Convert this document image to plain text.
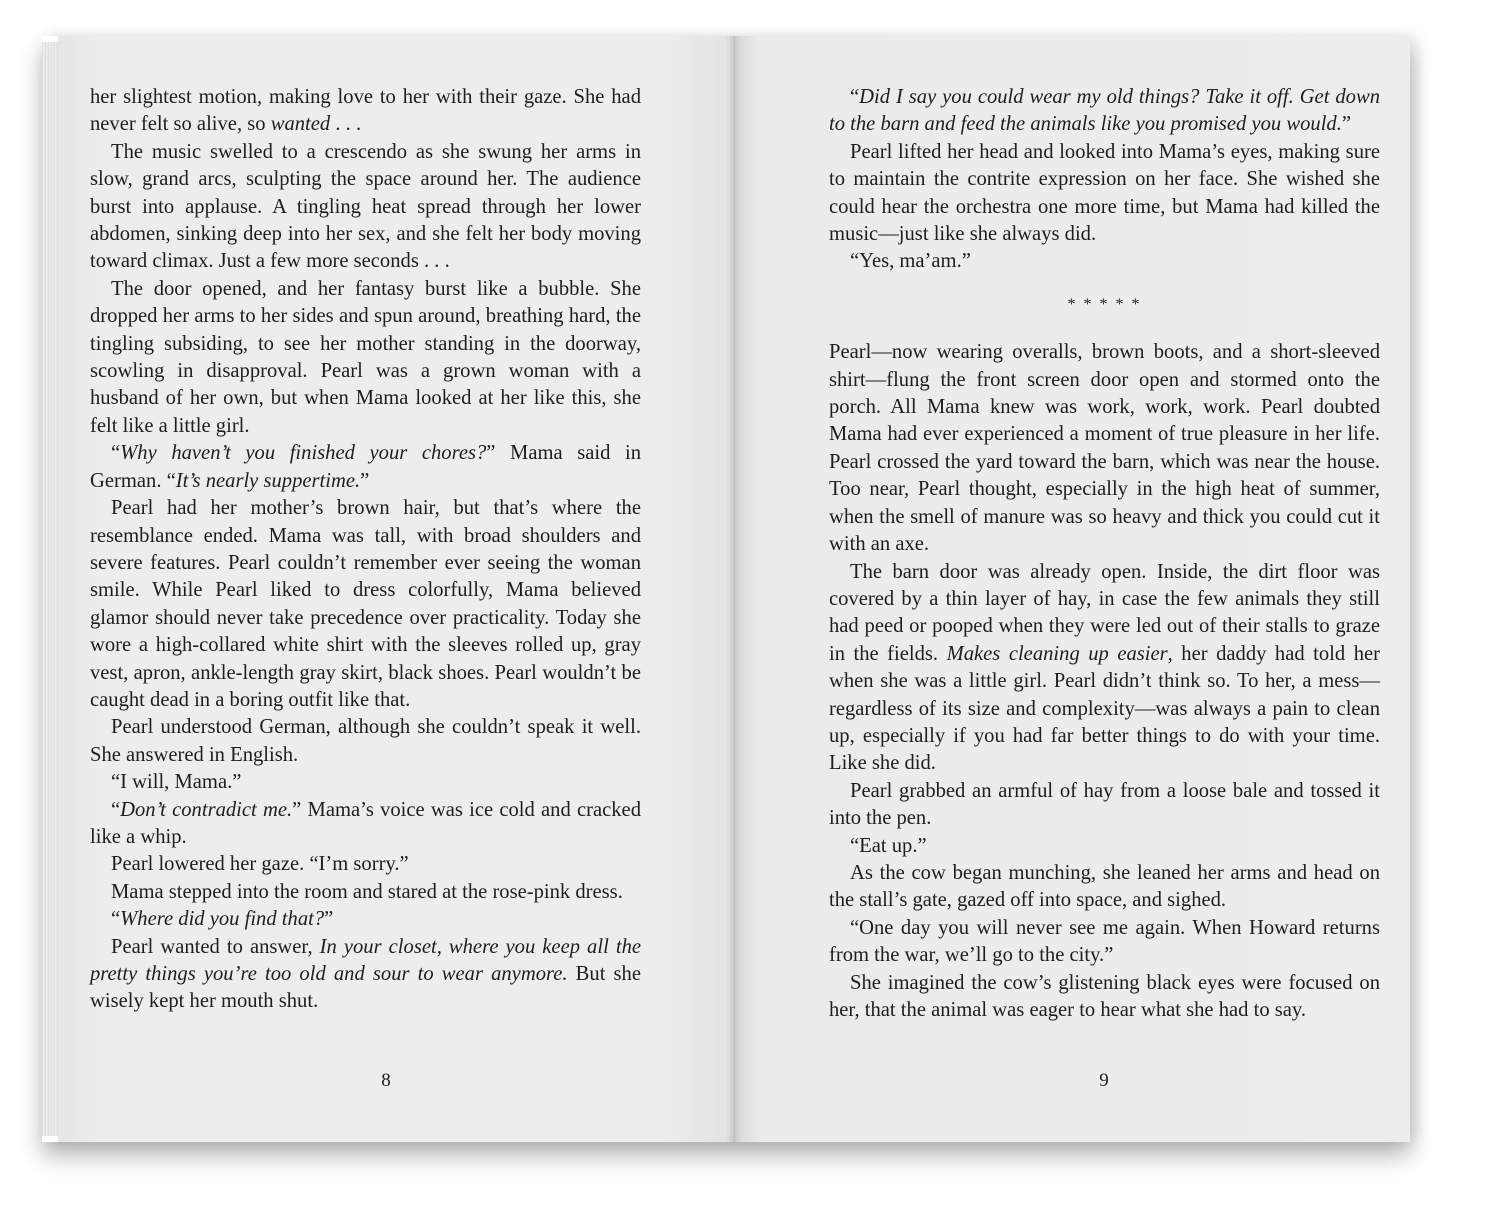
her slightest motion, making love to her with their gaze. She had never felt so alive, so wanted . . .

The music swelled to a crescendo as she swung her arms in slow, grand arcs, sculpting the space around her. The audience burst into applause. A tingling heat spread through her lower abdomen, sinking deep into her sex, and she felt her body moving toward climax. Just a few more seconds . . .

The door opened, and her fantasy burst like a bubble. She dropped her arms to her sides and spun around, breathing hard, the tingling subsiding, to see her mother standing in the doorway, scowling in disapproval. Pearl was a grown woman with a husband of her own, but when Mama looked at her like this, she felt like a little girl.

“Why haven’t you finished your chores?” Mama said in German. “It’s nearly suppertime.”

Pearl had her mother’s brown hair, but that’s where the resemblance ended. Mama was tall, with broad shoulders and severe features. Pearl couldn’t remember ever seeing the woman smile. While Pearl liked to dress colorfully, Mama believed glamor should never take precedence over practicality. Today she wore a high-collared white shirt with the sleeves rolled up, gray vest, apron, ankle-length gray skirt, black shoes. Pearl wouldn’t be caught dead in a boring outfit like that.

Pearl understood German, although she couldn’t speak it well. She answered in English.

“I will, Mama.”

“Don’t contradict me.” Mama’s voice was ice cold and cracked like a whip.

Pearl lowered her gaze. “I’m sorry.”

Mama stepped into the room and stared at the rose-pink dress.

“Where did you find that?”

Pearl wanted to answer, In your closet, where you keep all the pretty things you’re too old and sour to wear anymore. But she wisely kept her mouth shut.

8

“Did I say you could wear my old things? Take it off. Get down to the barn and feed the animals like you promised you would.”

Pearl lifted her head and looked into Mama’s eyes, making sure to maintain the contrite expression on her face. She wished she could hear the orchestra one more time, but Mama had killed the music—just like she always did.

“Yes, ma’am.”

* * * * *

Pearl—now wearing overalls, brown boots, and a short-sleeved shirt—flung the front screen door open and stormed onto the porch. All Mama knew was work, work, work. Pearl doubted Mama had ever experienced a moment of true pleasure in her life. Pearl crossed the yard toward the barn, which was near the house. Too near, Pearl thought, especially in the high heat of summer, when the smell of manure was so heavy and thick you could cut it with an axe.

The barn door was already open. Inside, the dirt floor was covered by a thin layer of hay, in case the few animals they still had peed or pooped when they were led out of their stalls to graze in the fields. Makes cleaning up easier, her daddy had told her when she was a little girl. Pearl didn’t think so. To her, a mess—regardless of its size and complexity—was always a pain to clean up, especially if you had far better things to do with your time. Like she did.

Pearl grabbed an armful of hay from a loose bale and tossed it into the pen.

“Eat up.”

As the cow began munching, she leaned her arms and head on the stall’s gate, gazed off into space, and sighed.

“One day you will never see me again. When Howard returns from the war, we’ll go to the city.”

She imagined the cow’s glistening black eyes were focused on her, that the animal was eager to hear what she had to say.

9
